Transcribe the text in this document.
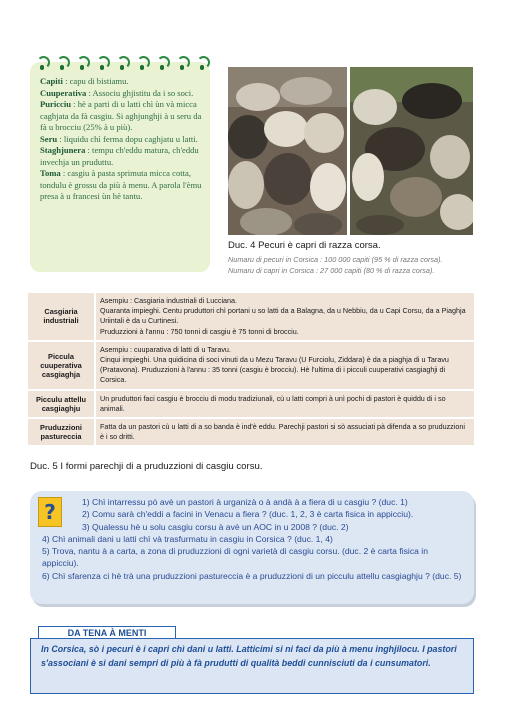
Capiti : capu di bistiamu.

Cuuperativa : Associu ghjistitu da i so soci.

Puricciu : hè a parti di u latti chì ùn và micca caghjata da fà casgiu. Si aghjunghji à u seru da fà u brocciu (25% à u più).

Seru : liquidu chì ferma dopu caghjatu u latti.

Staghjunera : tempu ch'eddu matura, ch'eddu invechja un pruduttu.

Toma : casgiu à pasta sprimuta micca cotta, tondulu è grossu da più à menu. A parola l'èmu presa à u francesi ùn hè tantu.

Duc. 4 Pecuri è capri di razza corsa.
Numaru di pecuri in Corsica : 100 000 capiti (95 % di razza corsa).
Numaru di capri in Corsica : 27 000 capiti (80 % di razza corsa).
Casgiaria industriali	Asempiu : Casgiaria industriali di Lucciana.
Quaranta impieghi. Centu pruduttori chì portani u so latti da a Balagna, da u Nebbiu, da u Capi Corsu, da a Piaghja Uriintali è da u Curtinesi.
Pruduzzioni à l'annu : 750 tonni di casgiu è 75 tonni di brocciu.

Piccula cuuperativa casgiaghja	Asempiu : cuuparativa di latti di u Taravu.
Cinqui impieghi. Una quidicina di soci vinuti da u Mezu Taravu (U Furciolu, Ziddara) è da a piaghja di u Taravu (Pratavona). Pruduzzioni à l'annu : 35 tonni (casgiu è brocciu). Hè l'ultima di i picculi cuuperativi casgiaghji di Corsica.

Picculu attellu casgiaghju	Un pruduttori faci casgiu è brocciu di modu tradiziunali, cù u latti compri à unì pochi di pastori è quiddu di i so animali.

Pruduzzioni pastureccia	Fatta da un pastori cù u latti di a so banda è ind'è eddu. Parechji pastori si sò assuciati pà difenda a so pruduzzioni è i so dritti.
Duc. 5 I formi parechji di a pruduzzioni di casgiu corsu.
?	1) Chì intarressu pò avè un pastori à urganizà o à andà à a fiera di u casgiu ? (duc. 1)
2) Comu sarà ch'eddi a facini in Venacu a fiera ? (duc. 1, 2, 3 è carta fisica in appicciu).
3) Qualessu hè u solu casgiu corsu à avè un AOC in u 2008 ? (duc. 2)
4) Chì animali dani u latti chì và trasfurmatu in casgiu in Corsica ? (duc. 1, 4)
5) Trova, nantu à a carta, a zona di pruduzzioni di ogni varietà di casgiu corsu. (duc. 2 è carta fisica in appicciu).
6) Chì sfarenza ci hè trà una pruduzzioni pastureccia è a pruduzzioni di un picculu attellu casgiaghju ? (duc. 5)
DA TENA À MENTI

In Corsica, sò i pecuri è i capri chì dani u latti. Latticimi si ni faci da più à menu inghjilocu. I pastori s'associani è si dani sempri di più à fà prudutti di qualità beddi cunnisciuti da i cunsumatori.
